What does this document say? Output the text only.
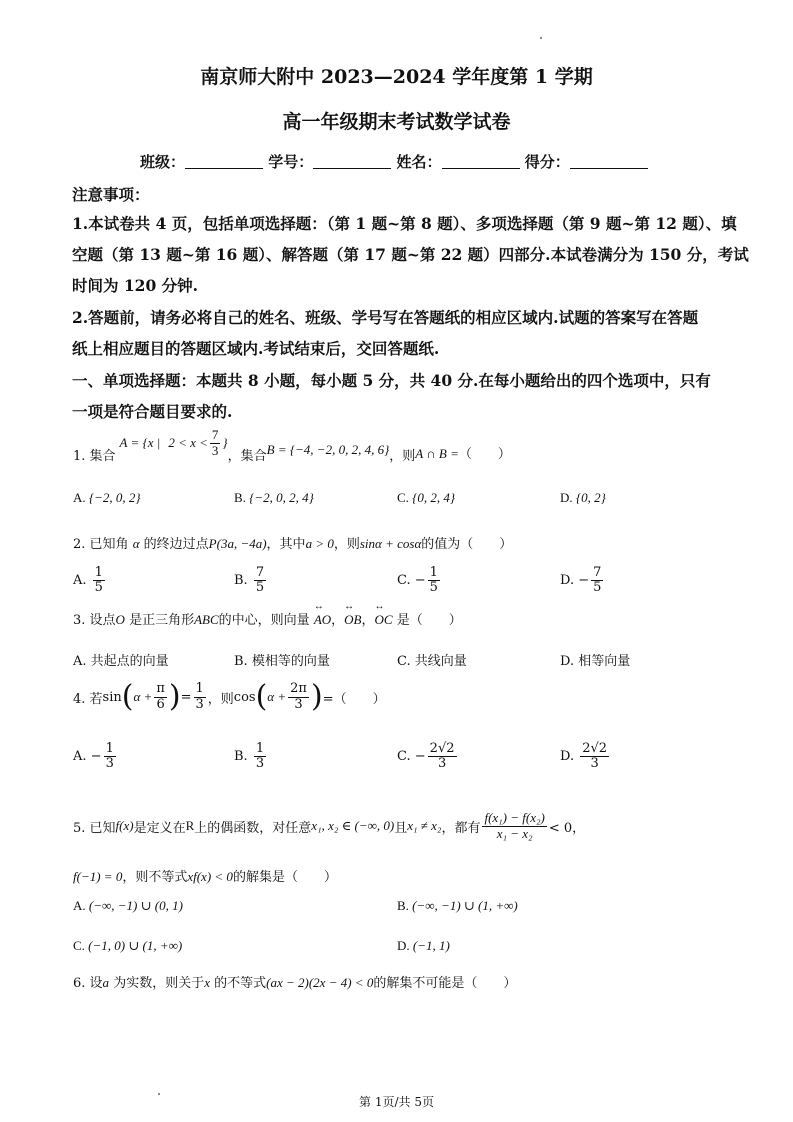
南京师大附中 2023—2024 学年度第 1 学期
高一年级期末考试数学试卷
班级：	学号：	姓名：	得分：
注意事项：
1.本试卷共 4 页，包括单项选择题：（第 1 题~第 8 题）、多项选择题（第 9 题~第 12 题）、填
空题（第 13 题~第 16 题）、解答题（第 17 题~第 22 题）四部分.本试卷满分为 150 分，考试
时间为 120 分钟.
2.答题前，请务必将自己的姓名、班级、学号写在答题纸的相应区域内.试题的答案写在答题
纸上相应题目的答题区域内.考试结束后，交回答题纸.
一、单项选择题：本题共 8 小题，每小题 5 分，共 40 分.在每小题给出的四个选项中，只有
一项是符合题目要求的.
1. 集合
A = {x | $2 < x < \frac{7}{3}$ }
，集合 B = {−4, −2, 0, 2, 4, 6} ，则 A ∩ B = （　　）
A. {−2, 0, 2}	B. {−2, 0, 2, 4}	C. {0, 2, 4}	D. {0, 2}
2. 已知角 α 的终边过点P(3a, −4a)，其中a > 0，则sinα + cosα的值为（　　）
A.
$\frac{1}{5}$	B.
$\frac{7}{5}$	C.
− $\frac{1}{5}$	D.
− $\frac{7}{5}$
3. 设点O 是正三角形ABC的中心，则向量 ↔ AO，↔ OB，↔ OC 是（　　）
A. 共起点的向量	B. 模相等的向量	C. 共线向量	D. 相等向量
4. 若 sin ( $\alpha + \frac{\pi}{6}$ ) = $\frac{1}{3}$ ，则 cos ( $\alpha + \frac{2\pi}{3}$ ) =（　　）
A.
− $\frac{1}{3}$	B.
$\frac{1}{3}$	C.
− $\frac{2√2}{3}$	D.
$\frac{2√2}{3}$
5. 已知 f(x) 是定义在 R 上的偶函数，对任意 x₁, x₂ ∈ (−∞, 0) 且 x₁ ≠ x₂ ，都有 $\frac{\text{f(x₁) − f(x₂)}}{\text{x₁ − x₂}} < 0$，
f(−1) = 0，则不等式xf(x) < 0的解集是（　　）
A. (−∞, −1) ∪ (0, 1)	B. (−∞, −1) ∪ (1, +∞)
C. (−1, 0) ∪ (1, +∞)	D. (−1, 1)
6. 设a 为实数，则关于x 的不等式(ax − 2)(2x − 4) < 0的解集不可能是（　　）
第 1页/共 5页
